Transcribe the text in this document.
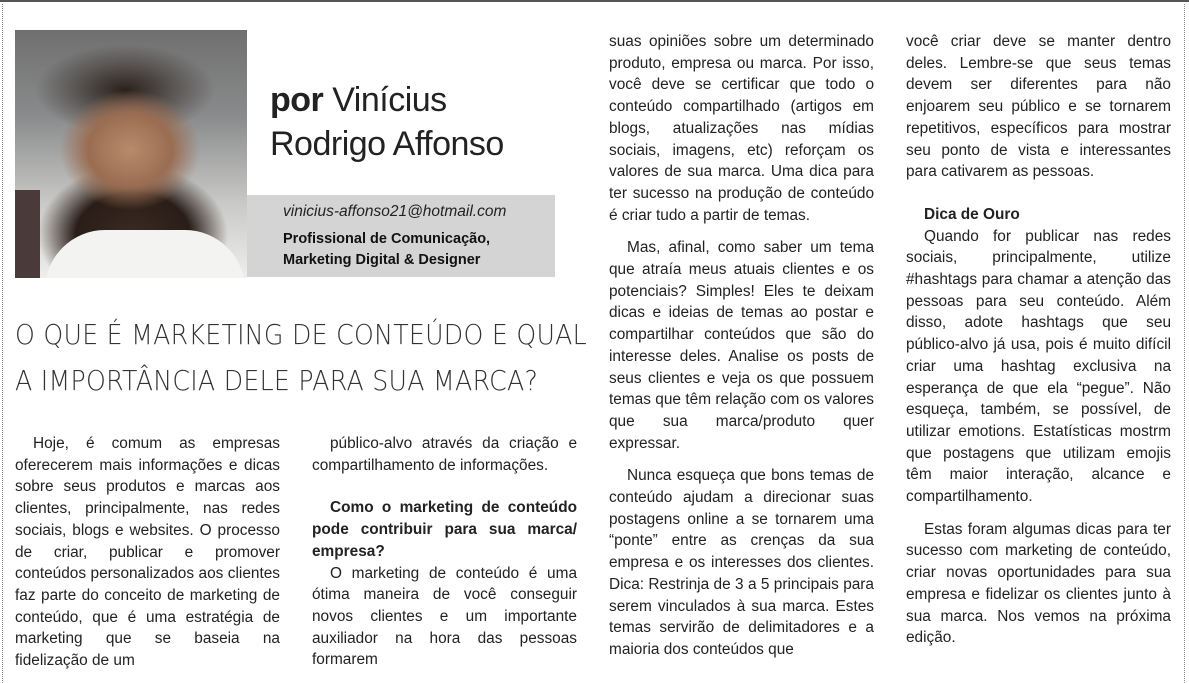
por Vinícius
Rodrigo Affonso
vinicius-affonso21@hotmail.com
Profissional de Comunicação,
Marketing Digital & Designer
O QUE É MARKETING DE CONTEÚDO E QUAL
A IMPORTÂNCIA DELE PARA SUA MARCA?

Hoje, é comum as empresas oferecerem mais informações e dicas sobre seus produtos e marcas aos clientes, principalmente, nas redes sociais, blogs e websites. O processo de criar, publicar e promover conteúdos personalizados aos clientes faz parte do conceito de marketing de conteúdo, que é uma estratégia de marketing que se baseia na fidelização de um

público-alvo através da criação e compartilhamento de informações.

Como o marketing de conteúdo pode contribuir para sua marca/ empresa?

O marketing de conteúdo é uma ótima maneira de você conseguir novos clientes e um importante auxiliador na hora das pessoas formarem

suas opiniões sobre um determinado produto, empresa ou marca. Por isso, você deve se certificar que todo o conteúdo compartilhado (artigos em blogs, atualizações nas mídias sociais, imagens, etc) reforçam os valores de sua marca. Uma dica para ter sucesso na produção de conteúdo é criar tudo a partir de temas.

Mas, afinal, como saber um tema que atraía meus atuais clientes e os potenciais? Simples! Eles te deixam dicas e ideias de temas ao postar e compartilhar conteúdos que são do interesse deles. Analise os posts de seus clientes e veja os que possuem temas que têm relação com os valores que sua marca/produto quer expressar.

Nunca esqueça que bons temas de conteúdo ajudam a direcionar suas postagens online a se tornarem uma “ponte” entre as crenças da sua empresa e os interesses dos clientes. Dica: Restrinja de 3 a 5 principais para serem vinculados à sua marca. Estes temas servirão de delimitadores e a maioria dos conteúdos que

você criar deve se manter dentro deles. Lembre-se que seus temas devem ser diferentes para não enjoarem seu público e se tornarem repetitivos, específicos para mostrar seu ponto de vista e interessantes para cativarem as pessoas.

Dica de Ouro

Quando for publicar nas redes sociais, principalmente, utilize #hashtags para chamar a atenção das pessoas para seu conteúdo. Além disso, adote hashtags que seu público-alvo já usa, pois é muito difícil criar uma hashtag exclusiva na esperança de que ela “pegue”. Não esqueça, também, se possível, de utilizar emotions. Estatísticas mostrm que postagens que utilizam emojis têm maior interação, alcance e compartilhamento.

Estas foram algumas dicas para ter sucesso com marketing de conteúdo, criar novas oportunidades para sua empresa e fidelizar os clientes junto à sua marca. Nos vemos na próxima edição.
